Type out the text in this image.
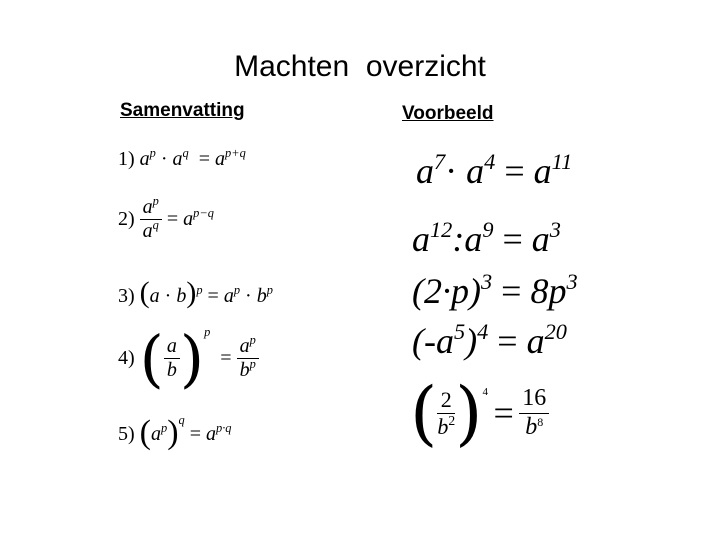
Machten  overzicht
Samenvatting	Voorbeeld
1) $a^p \cdot a^q = a^{p+q}$
$2) \frac{a^p}{a^q} = a^{p-q}$
3) $(a \cdot b)^p = a^p \cdot b^p$
4) ( $\frac{a}{b} )^p = \frac{a^p}{b^p}$
5) $(a^p)^q = a^{p\cdot q}$
$a^7\cdot a^4 = a^{11}$
$a^{12}:a^9 = a^3$
$(2\cdot p)^3 = 8p^3$
$(-a^5)^4 = a^{20}$
( $\frac{2}{b^2} )^4 = \frac{16}{b^8}$
